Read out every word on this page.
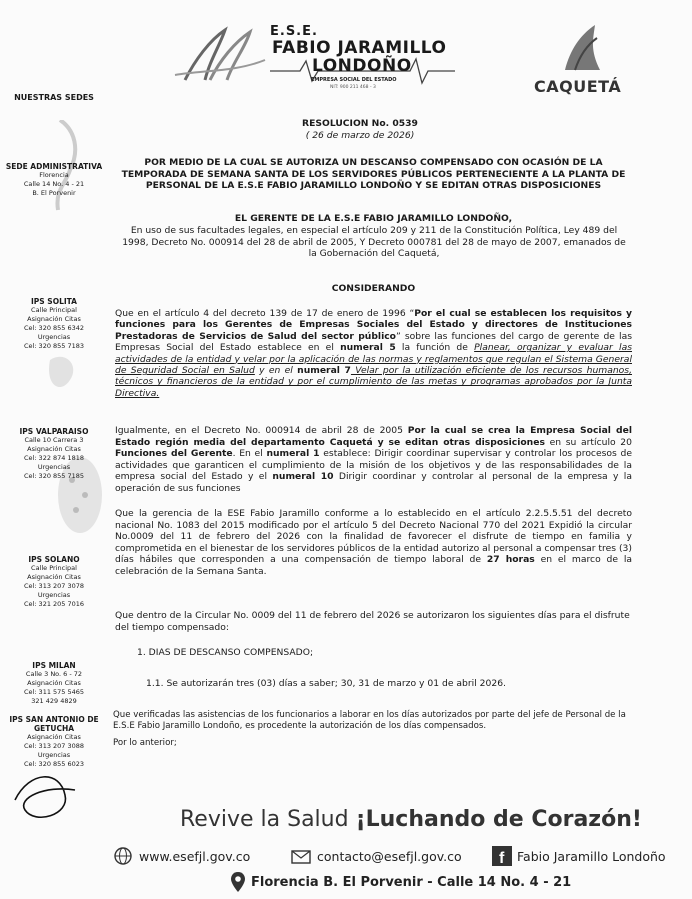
E.S.E.
FABIO JARAMILLO
LONDOÑO
EMPRESA SOCIAL DEL ESTADO
NIT: 900 211 468 - 3	CAQUETÁ
NUESTRAS SEDES
SEDE ADMINISTRATIVA
Florencia
Calle 14 No. 4 - 21
B. El Porvenir
IPS SOLITA
Calle Principal
Asignación Citas
Cel: 320 855 6342
Urgencias
Cel: 320 855 7183
IPS VALPARAISO
Calle 10 Carrera 3
Asignación Citas
Cel: 322 874 1818
Urgencias
Cel: 320 855 7185
IPS SOLANO
Calle Principal
Asignación Citas
Cel: 313 207 3078
Urgencias
Cel: 321 205 7016
IPS MILAN
Calle 3 No. 6 - 72
Asignación Citas
Cel: 311 575 5465
321 429 4829
IPS SAN ANTONIO DE GETUCHA
Asignación Citas
Cel: 313 207 3088
Urgencias
Cel: 320 855 6023
RESOLUCION No. 0539
( 26 de marzo de 2026)
POR MEDIO DE LA CUAL SE AUTORIZA UN DESCANSO COMPENSADO CON OCASIÓN DE LA TEMPORADA DE SEMANA SANTA DE LOS SERVIDORES PÚBLICOS PERTENECIENTE A LA PLANTA DE PERSONAL DE LA E.S.E FABIO JARAMILLO LONDOÑO Y SE EDITAN OTRAS DISPOSICIONES
EL GERENTE DE LA E.S.E FABIO JARAMILLO LONDOÑO,
En uso de sus facultades legales, en especial el artículo 209 y 211 de la Constitución Política, Ley 489 del 1998, Decreto No. 000914 del 28 de abril de 2005, Y Decreto 000781 del 28 de mayo de 2007, emanados de la Gobernación del Caquetá,
CONSIDERANDO
Que en el artículo 4 del decreto 139 de 17 de enero de 1996 “Por el cual se establecen los requisitos y funciones para los Gerentes de Empresas Sociales del Estado y directores de Instituciones Prestadoras de Servicios de Salud del sector público” sobre las funciones del cargo de gerente de las Empresas Social del Estado establece en el numeral 5 la función de Planear, organizar y evaluar las actividades de la entidad y velar por la aplicación de las normas y reglamentos que regulan el Sistema General de Seguridad Social en Salud y en el numeral 7 Velar por la utilización eficiente de los recursos humanos, técnicos y financieros de la entidad y por el cumplimiento de las metas y programas aprobados por la Junta Directiva.
Igualmente, en el Decreto No. 000914 de abril 28 de 2005 Por la cual se crea la Empresa Social del Estado región media del departamento Caquetá y se editan otras disposiciones en su artículo 20 Funciones del Gerente. En el numeral 1 establece: Dirigir coordinar supervisar y controlar los procesos de actividades que garanticen el cumplimiento de la misión de los objetivos y de las responsabilidades de la empresa social del Estado y el numeral 10 Dirigir coordinar y controlar al personal de la empresa y la operación de sus funciones
Que la gerencia de la ESE Fabio Jaramillo conforme a lo establecido en el artículo 2.2.5.5.51 del decreto nacional No. 1083 del 2015 modificado por el artículo 5 del Decreto Nacional 770 del 2021 Expidió la circular No.0009 del 11 de febrero del 2026 con la finalidad de favorecer el disfrute de tiempo en familia y comprometida en el bienestar de los servidores públicos de la entidad autorizo al personal a compensar tres (3) días hábiles que corresponden a una compensación de tiempo laboral de 27 horas en el marco de la celebración de la Semana Santa.
Que dentro de la Circular No. 0009 del 11 de febrero del 2026 se autorizaron los siguientes días para el disfrute del tiempo compensado:
1. DIAS DE DESCANSO COMPENSADO;
1.1. Se autorizarán tres (03) días a saber; 30, 31 de marzo y 01 de abril 2026.
Que verificadas las asistencias de los funcionarios a laborar en los días autorizados por parte del jefe de Personal de la E.S.E Fabio Jaramillo Londoño, es procedente la autorización de los días compensados.
Por lo anterior;
Revive la Salud ¡Luchando de Corazón!
www.esefjl.gov.co	contacto@esefjl.gov.co f Fabio Jaramillo Londoño
Florencia B. El Porvenir - Calle 14 No. 4 - 21
